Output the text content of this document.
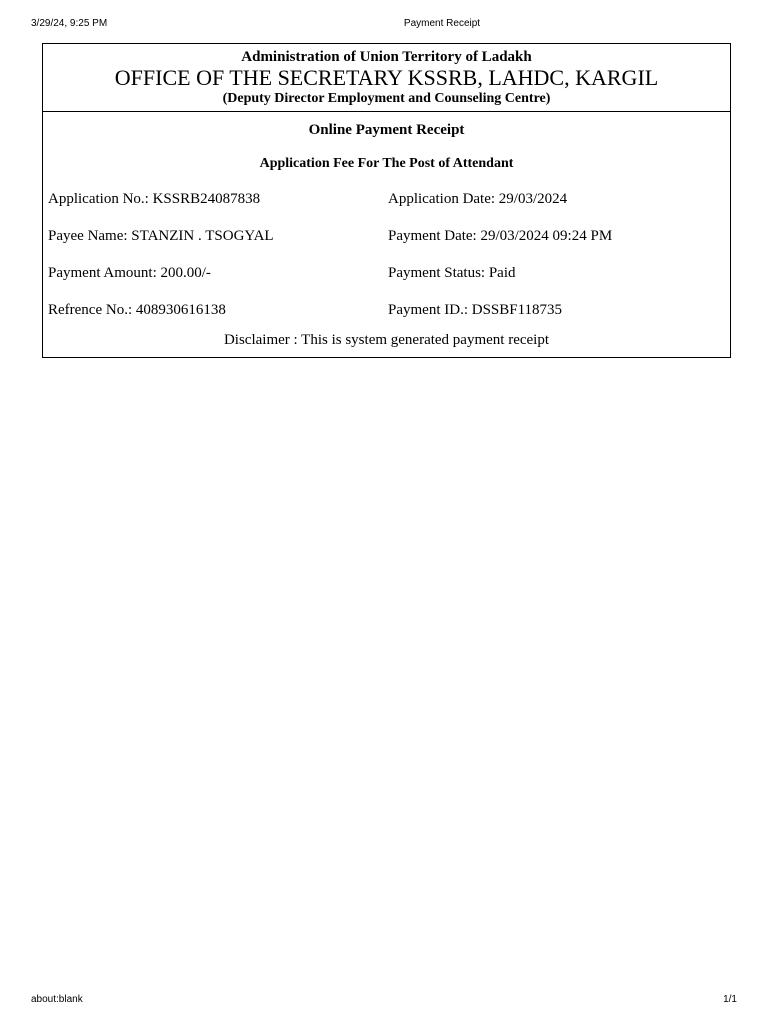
3/29/24, 9:25 PM	Payment Receipt
Administration of Union Territory of Ladakh
OFFICE OF THE SECRETARY KSSRB, LAHDC, KARGIL
(Deputy Director Employment and Counseling Centre)
Online Payment Receipt
Application Fee For The Post of Attendant
Application No.: KSSRB24087838	Application Date: 29/03/2024
Payee Name: STANZIN . TSOGYAL	Payment Date: 29/03/2024 09:24 PM
Payment Amount: 200.00/-	Payment Status: Paid
Refrence No.: 408930616138	Payment ID.: DSSBF118735
Disclaimer : This is system generated payment receipt
about:blank	1/1
